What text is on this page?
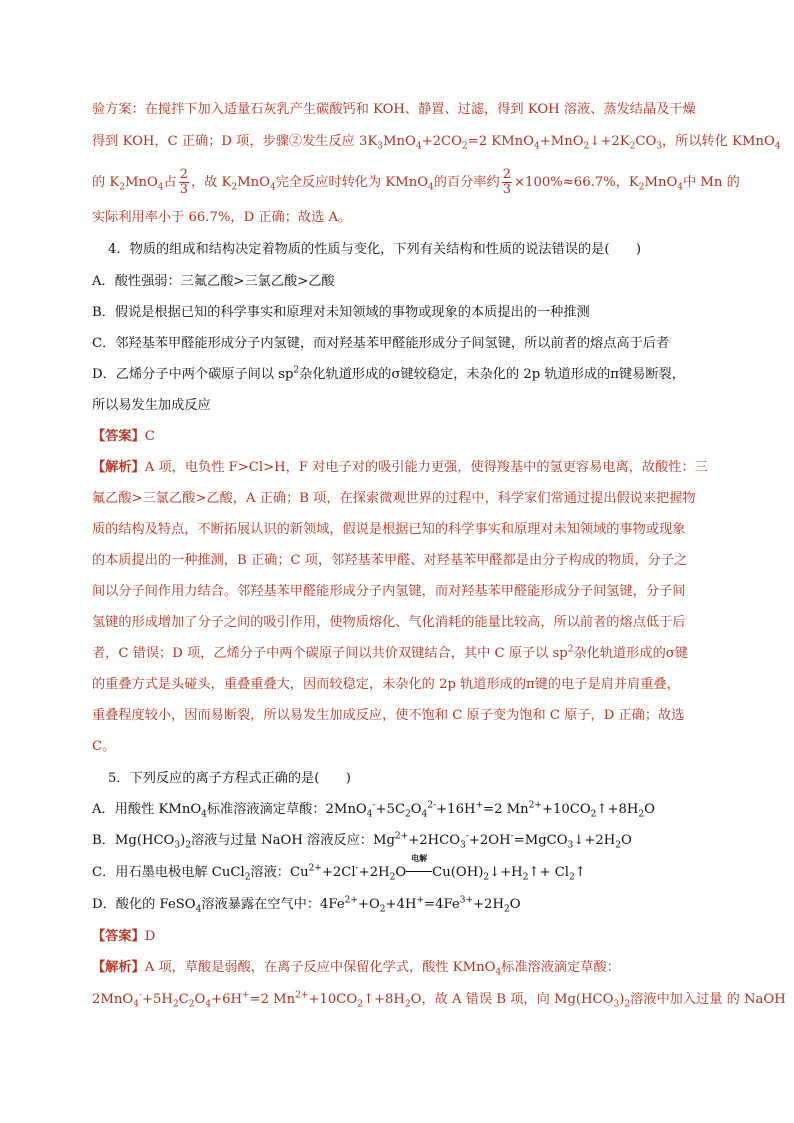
验方案：在搅拌下加入适量石灰乳产生碳酸钙和 KOH、静置、过滤，得到 KOH 溶液、蒸发结晶及干燥
得到 KOH，C 正确；D 项，步骤②发生反应 $3K_3MnO_4+2CO_2=2$ $KMnO_4+MnO_2↓+2K_2CO_3$，所以转化 KMnO$_4$
的 $K_2MnO_4$占 $\frac{2}{3}$ ，故 $K_2MnO_4$完全反应时转化为 KMnO$_4$的百分率约 $\frac{2}{3} \times 100\%\approx 66.7\%$，$K_2MnO_4$中 Mn 的
实际利用率小于 66.7%，D 正确；故选 A。
4．物质的组成和结构决定着物质的性质与变化，下列有关结构和性质的说法错误的是(　　)
A．酸性强弱：三氟乙酸>三氯乙酸>乙酸
B．假说是根据已知的科学事实和原理对未知领域的事物或现象的本质提出的一种推测
C．邻羟基苯甲醛能形成分子内氢键，而对羟基苯甲醛能形成分子间氢键，所以前者的熔点高于后者
D．乙烯分子中两个碳原子间以 $sp^2$杂化轨道形成的σ键较稳定，未杂化的 2p 轨道形成的π键易断裂，
所以易发生加成反应
【答案】C
【解析】A 项，电负性 F>Cl>H，F 对电子对的吸引能力更强，使得羧基中的氢更容易电离，故酸性：三
氟乙酸>三氯乙酸>乙酸，A 正确；B 项，在探索微观世界的过程中，科学家们常通过提出假说来把握物
质的结构及特点，不断拓展认识的新领域，假说是根据已知的科学事实和原理对未知领域的事物或现象
的本质提出的一种推测，B 正确；C 项，邻羟基苯甲醛、对羟基苯甲醛都是由分子构成的物质，分子之
间以分子间作用力结合。邻羟基苯甲醛能形成分子内氢键，而对羟基苯甲醛能形成分子间氢键，分子间
氢键的形成增加了分子之间的吸引作用，使物质熔化、气化消耗的能量比较高，所以前者的熔点低于后
者，C 错误；D 项，乙烯分子中两个碳原子间以共价双键结合，其中 C 原子以 $sp^2$杂化轨道形成的σ键
的重叠方式是头碰头，重叠重叠大，因而较稳定，未杂化的 2p 轨道形成的π键的电子是肩并肩重叠，
重叠程度较小，因而易断裂，所以易发生加成反应，使不饱和 C 原子变为饱和 C 原子，D 正确；故选
C。
5．下列反应的离子方程式正确的是(　　)
A．用酸性 KMnO$_4$标准溶液滴定草酸：$2MnO_4^-+5C_2O_4^{2-}+16H^+=2$ $Mn^{2+}+10CO_2↑+8H_2O$
B．$Mg(HCO_3)_2$溶液与过量 NaOH 溶液反应：$Mg^{2+}+2HCO_3^-+2OH^-=MgCO_3↓+2H_2O$
C．用石墨电极电解 CuCl$_2$溶液：$Cu^{2+}+2Cl^-+2H_2O$
电解
$Cu(OH)_2↓+H_2↑+$ $Cl_2↑$
D．酸化的 FeSO$_4$溶液暴露在空气中：$4Fe^{2+}+O_2+4H^+=4Fe^{3+}+2H_2O$
【答案】D
【解析】A 项，草酸是弱酸，在离子反应中保留化学式，酸性 KMnO$_4$标准溶液滴定草酸：
$2MnO_4^-+5H_2C_2O_4+6H^+=2$ $Mn^{2+}+10CO_2↑+8H_2O$，故 A 错误 B 项，向 $Mg(HCO_3)_2$溶液中加入过量 的 NaOH
